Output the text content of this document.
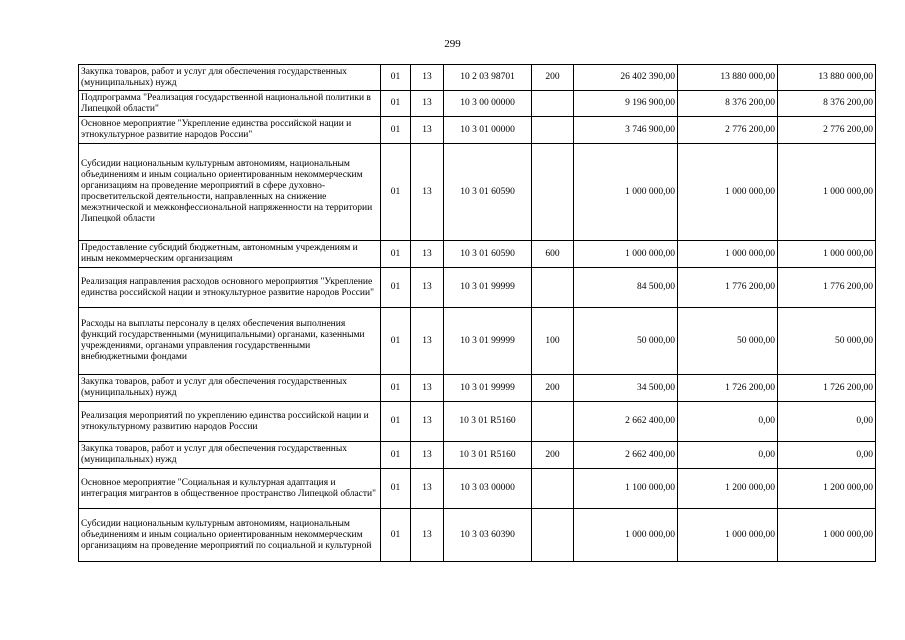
299
Закупка товаров, работ и услуг для обеспечения государственных (муниципальных) нужд	01	13	10 2 03 98701	200	26 402 390,00	13 880 000,00	13 880 000,00
Подпрограмма "Реализация государственной национальной политики в Липецкой области"	01	13	10 3 00 00000		9 196 900,00	8 376 200,00	8 376 200,00
Основное мероприятие "Укрепление единства российской нации и этнокультурное развитие народов России"	01	13	10 3 01 00000		3 746 900,00	2 776 200,00	2 776 200,00
Субсидии национальным культурным автономиям, национальным объединениям и иным социально ориентированным некоммерческим организациям на проведение мероприятий в сфере духовно-просветительской деятельности, направленных на снижение межэтнической и межконфессиональной напряженности на территории Липецкой области	01	13	10 3 01 60590		1 000 000,00	1 000 000,00	1 000 000,00
Предоставление субсидий бюджетным, автономным учреждениям и иным некоммерческим организациям	01	13	10 3 01 60590	600	1 000 000,00	1 000 000,00	1 000 000,00
Реализация направления расходов основного мероприятия "Укрепление единства российской нации и этнокультурное развитие народов России"	01	13	10 3 01 99999		84 500,00	1 776 200,00	1 776 200,00
Расходы на выплаты персоналу в целях обеспечения выполнения функций государственными (муниципальными) органами, казенными учреждениями, органами управления государственными внебюджетными фондами	01	13	10 3 01 99999	100	50 000,00	50 000,00	50 000,00
Закупка товаров, работ и услуг для обеспечения государственных (муниципальных) нужд	01	13	10 3 01 99999	200	34 500,00	1 726 200,00	1 726 200,00
Реализация мероприятий по укреплению единства российской нации и этнокультурному развитию народов России	01	13	10 3 01 R5160		2 662 400,00	0,00	0,00
Закупка товаров, работ и услуг для обеспечения государственных (муниципальных) нужд	01	13	10 3 01 R5160	200	2 662 400,00	0,00	0,00
Основное мероприятие "Социальная и культурная адаптация и интеграция мигрантов в общественное пространство Липецкой области"	01	13	10 3 03 00000		1 100 000,00	1 200 000,00	1 200 000,00
Субсидии национальным культурным автономиям, национальным объединениям и иным социально ориентированным некоммерческим организациям на проведение мероприятий по социальной и культурной	01	13	10 3 03 60390		1 000 000,00	1 000 000,00	1 000 000,00
